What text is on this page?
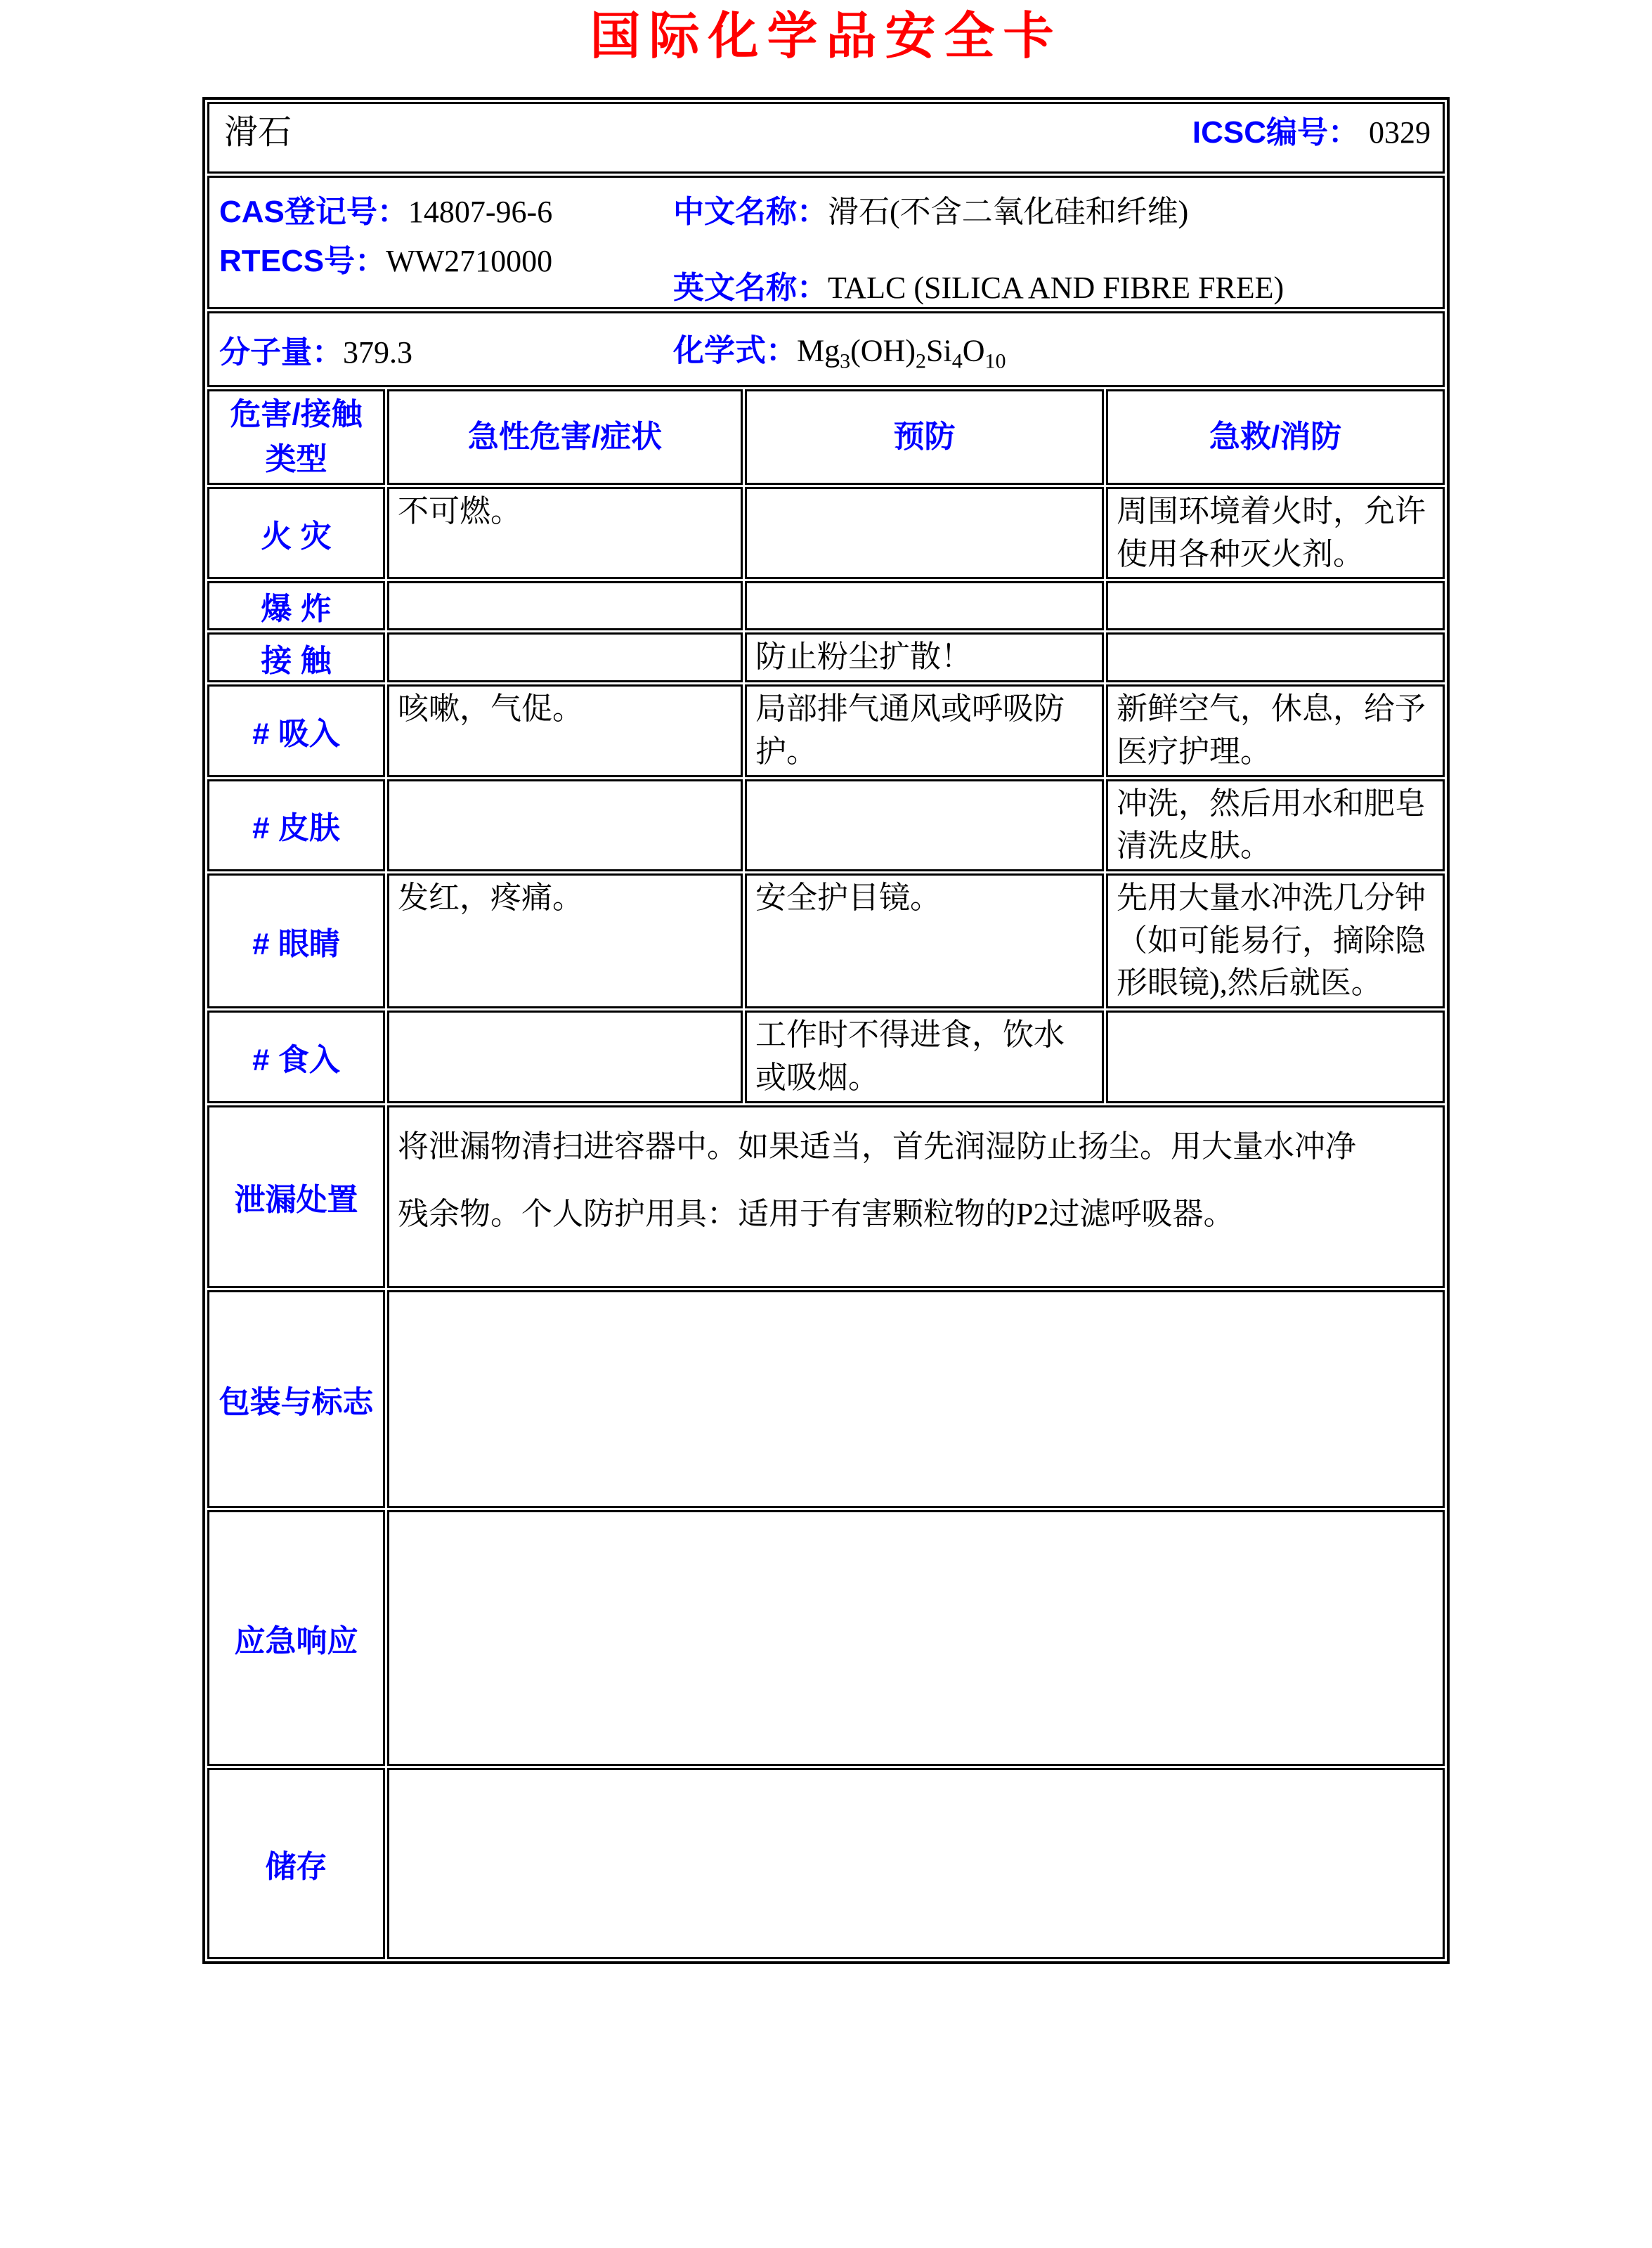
国际化学品安全卡
滑石 ICSC编号： 0329			

CAS登记号：14807-96-6
RTECS号：WW2710000
中文名称：滑石(不含二氧化硅和纤维)
英文名称：TALC (SILICA AND FIBRE FREE)			

分子量：379.3 化学式：$Mg_3(OH)_2Si_4O_{10}$

危害/接触
类型	急性危害/症状	预防	急救/消防
火 灾	不可燃。		周围环境着火时，允许使用各种灭火剂。
爆 炸			
接 触		防止粉尘扩散！	
# 吸入	咳嗽，气促。	局部排气通风或呼吸防护。	新鲜空气，休息，给予医疗护理。
# 皮肤			冲洗，然后用水和肥皂清洗皮肤。
# 眼睛	发红，疼痛。	安全护目镜。	先用大量水冲洗几分钟（如可能易行，摘除隐形眼镜),然后就医。
# 食入		工作时不得进食，饮水或吸烟。	
泄漏处置	将泄漏物清扫进容器中。如果适当，首先润湿防止扬尘。用大量水冲净残余物。个人防护用具：适用于有害颗粒物的P2过滤呼吸器。		
包装与标志			
应急响应			
储存			
